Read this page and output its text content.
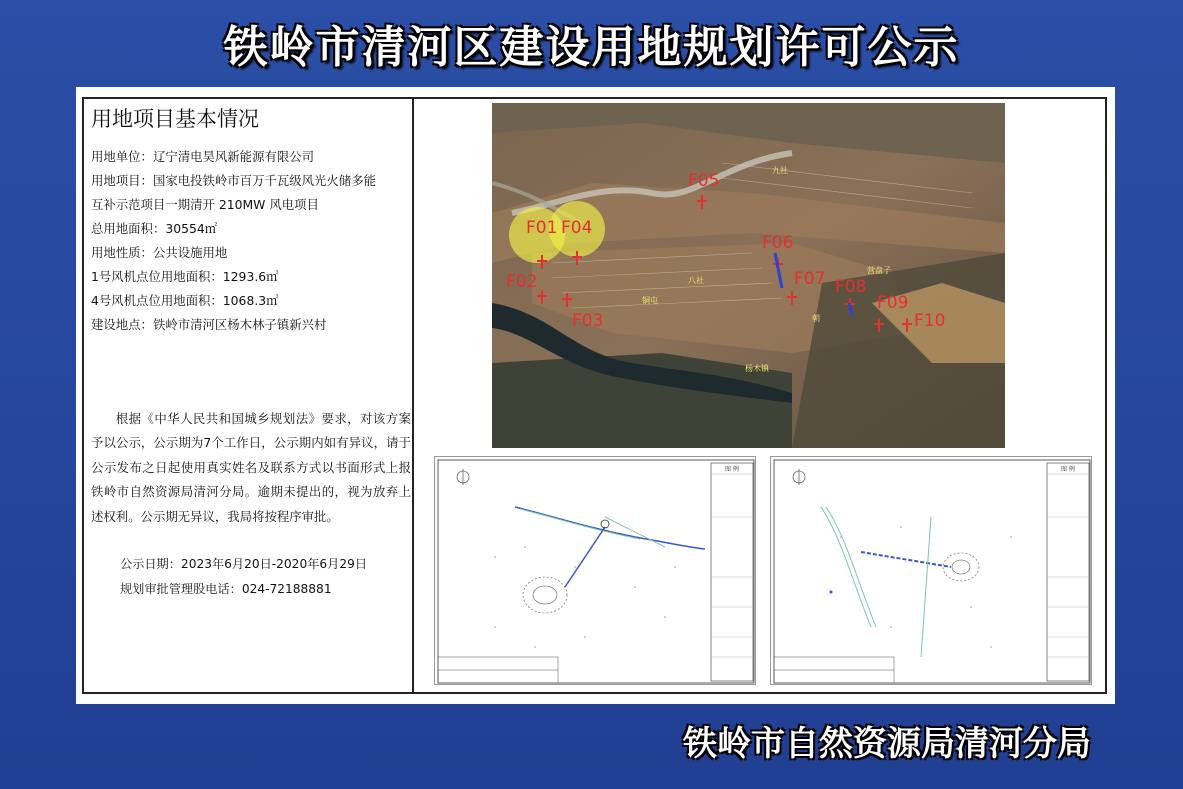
铁岭市清河区建设用地规划许可公示
用地项目基本情况
用地单位：辽宁清电昊风新能源有限公司
用地项目：国家电投铁岭市百万千瓦级风光火储多能
互补示范项目一期清开 210MW 风电项目
总用地面积：30554㎡
用地性质：公共设施用地
1号风机点位用地面积：1293.6㎡
4号风机点位用地面积：1068.3㎡
建设地点：铁岭市清河区杨木林子镇新兴村
根据《中华人民共和国城乡规划法》要求，对该方案予以公示，公示期为7个工作日，公示期内如有异议，请于公示发布之日起使用真实姓名及联系方式以书面形式上报铁岭市自然资源局清河分局。逾期未提出的，视为放弃上述权利。公示期无异议，我局将按程序审批。
公示日期：2023年6月20日-2020年6月29日
规划审批管理股电话：024-72188881
F01
F02
F03
F04
F05
F06
F07 F08
F09
F10
九社
八社
铜屯
营盘子
朝
杨木镇
图 例	图 例
铁岭市自然资源局清河分局
